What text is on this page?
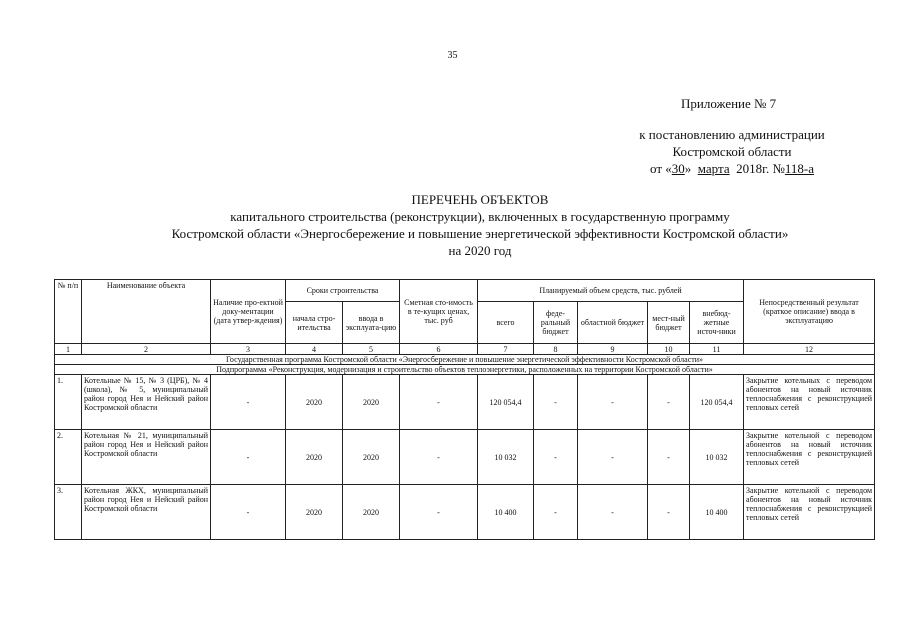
35
Приложение № 7
к постановлению администрации
Костромской области
от «30» марта 2018г. №118-а
ПЕРЕЧЕНЬ ОБЪЕКТОВ
капитального строительства (реконструкции), включенных в государственную программу
Костромской области «Энергосбережение и повышение энергетической эффективности Костромской области»
на 2020 год
№ п/п	Наименование объекта	Наличие про-ектной доку-ментации (дата утвер-ждения)	Сроки строительства		Сметная сто-имость в те-кущих ценах, тыс. руб	Планируемый объем средств, тыс. рублей					Непосредственный результат (краткое описание) ввода в эксплуатацию
			начала стро-ительства	ввода в эксплуата-цию		всего	феде-ральный бюджет	областной бюджет	мест-ный бюджет	внебюд-жетные источ-ники	
1	2	3	4	5	6	7	8	9	10	11	12
Государственная программа Костромской области «Энергосбережение и повышение энергетической эффективности Костромской области»											
Подпрограмма «Реконструкция, модернизация и строительство объектов теплоэнергетики, расположенных на территории Костромской области»											
1.	Котельные № 15, № 3 (ЦРБ), № 4 (школа), № 5, муниципальный район город Нея и Нейский район Костромской области	-	2020	2020	-	120 054,4	-	-	-	120 054,4	Закрытие котельных с переводом абонентов на новый источник теплоснабжения с реконструкцией тепловых сетей
2.	Котельная № 21, муниципальный район город Нея и Нейский район Костромской области	-	2020	2020	-	10 032	-	-	-	10 032	Закрытие котельной с переводом абонентов на новый источник теплоснабжения с реконструкцией тепловых сетей
3.	Котельная ЖКХ, муниципальный район город Нея и Нейский район Костромской области	-	2020	2020	-	10 400	-	-	-	10 400	Закрытие котельной с переводом абонентов на новый источник теплоснабжения с реконструкцией тепловых сетей
